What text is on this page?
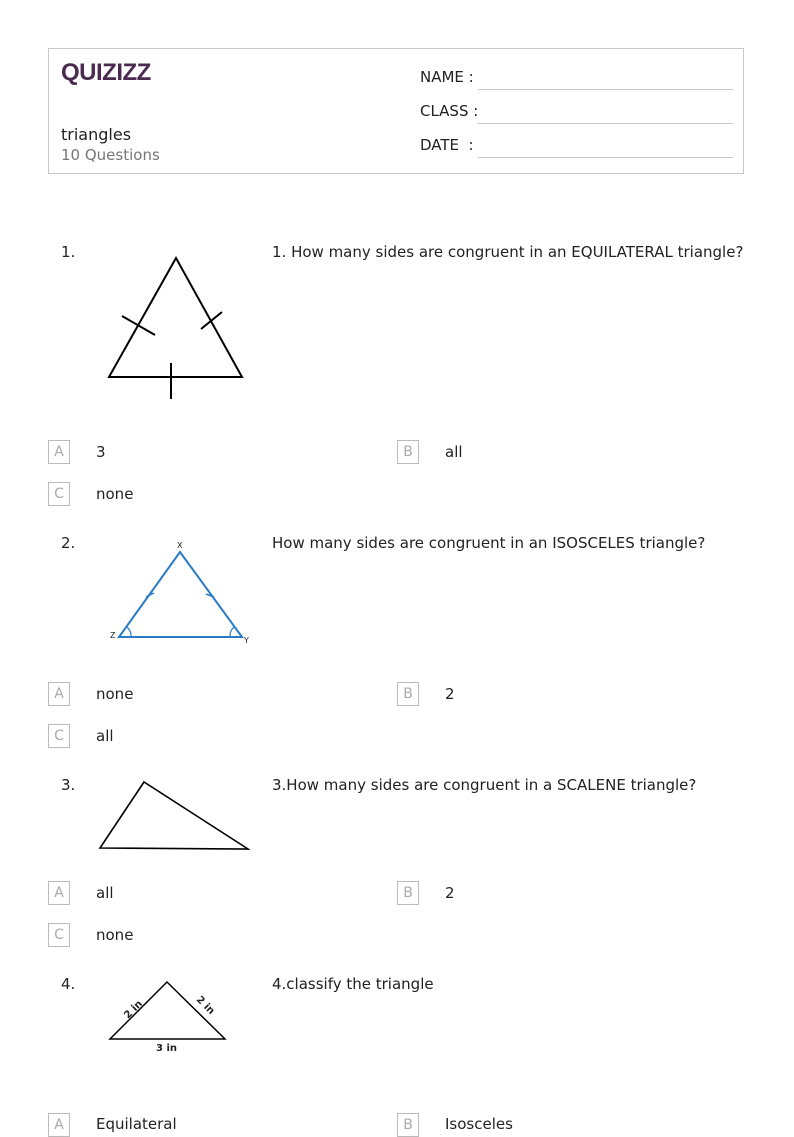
QUIZIZZ
triangles
10 Questions
NAME :
CLASS :
DATE  :
1.	1. How many sides are congruent in an EQUILATERAL triangle?
A	3	B	all
C	none
2.	How many sides are congruent in an ISOSCELES triangle?
X
Z
Y
A	none	B	2
C	all
3.	3.How many sides are congruent in a SCALENE triangle?
A	all	B	2
C	none
4.	4.classify the triangle
2 in	2 in
3 in
A	Equilateral	B	Isosceles
